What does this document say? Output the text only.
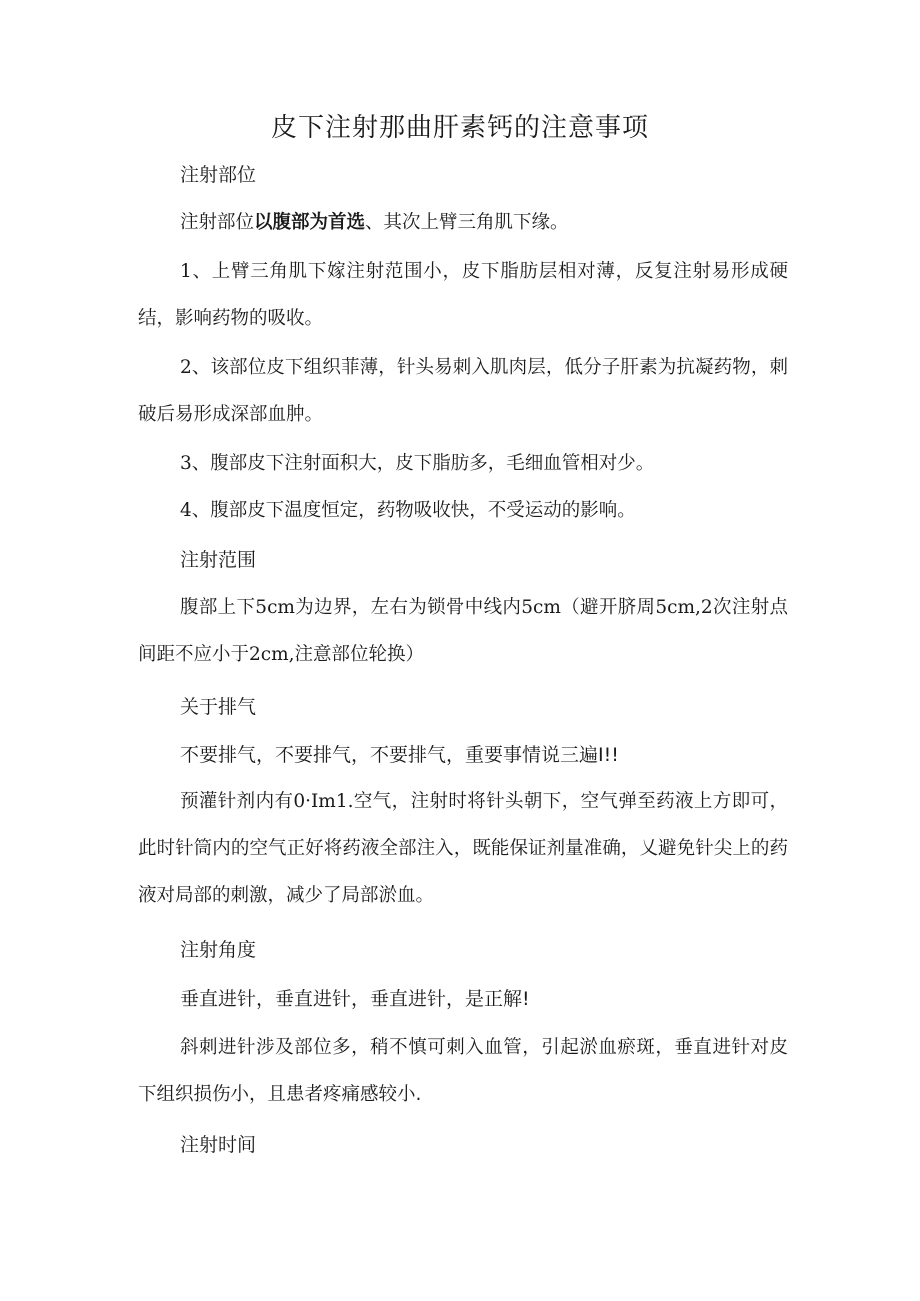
皮下注射那曲肝素钙的注意事项
注射部位
注射部位以腹部为首选、其次上臂三角肌下缘。
1、上臂三角肌下嫁注射范围小，皮下脂肪层相对薄，反复注射易形成硬结，影响药物的吸收。
2、该部位皮下组织菲薄，针头易刺入肌肉层，低分子肝素为抗凝药物，刺破后易形成深部血肿。
3、腹部皮下注射面积大，皮下脂肪多，毛细血管相对少。
4、腹部皮下温度恒定，药物吸收快，不受运动的影响。
注射范围
腹部上下5cm为边界，左右为锁骨中线内5cm（避开脐周5cm,2次注射点间距不应小于2cm,注意部位轮换）
关于排气
不要排气，不要排气，不要排气，重要事情说三遍I!!
预灌针剂内有0·Im1.空气，注射时将针头朝下，空气弹至药液上方即可，此时针筒内的空气正好将药液全部注入，既能保证剂量准确，乂避免针尖上的药液对局部的刺激，减少了局部淤血。
注射角度
垂直进针，垂直进针，垂直进针，是正解!
斜刺进针涉及部位多，稍不慎可刺入血管，引起淤血瘀斑，垂直进针对皮下组织损伤小，且患者疼痛感较小.
注射时间
